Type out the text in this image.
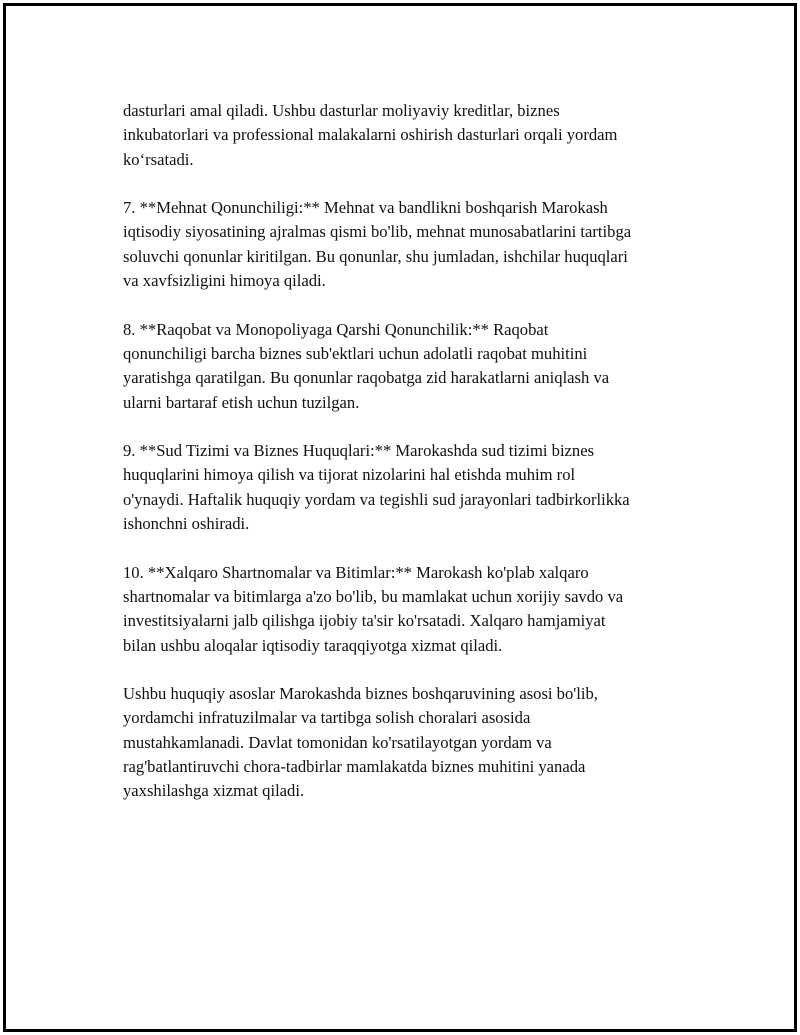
dasturlari amal qiladi. Ushbu dasturlar moliyaviy kreditlar, biznes
inkubatorlari va professional malakalarni oshirish dasturlari orqali yordam
ko‘rsatadi.

7. **Mehnat Qonunchiligi:** Mehnat va bandlikni boshqarish Marokash
iqtisodiy siyosatining ajralmas qismi bo'lib, mehnat munosabatlarini tartibga
soluvchi qonunlar kiritilgan. Bu qonunlar, shu jumladan, ishchilar huquqlari
va xavfsizligini himoya qiladi.

8. **Raqobat va Monopoliyaga Qarshi Qonunchilik:** Raqobat
qonunchiligi barcha biznes sub'ektlari uchun adolatli raqobat muhitini
yaratishga qaratilgan. Bu qonunlar raqobatga zid harakatlarni aniqlash va
ularni bartaraf etish uchun tuzilgan.

9. **Sud Tizimi va Biznes Huquqlari:** Marokashda sud tizimi biznes
huquqlarini himoya qilish va tijorat nizolarini hal etishda muhim rol
o'ynaydi. Haftalik huquqiy yordam va tegishli sud jarayonlari tadbirkorlikka
ishonchni oshiradi.

10. **Xalqaro Shartnomalar va Bitimlar:** Marokash ko'plab xalqaro
shartnomalar va bitimlarga a'zo bo'lib, bu mamlakat uchun xorijiy savdo va
investitsiyalarni jalb qilishga ijobiy ta'sir ko'rsatadi. Xalqaro hamjamiyat
bilan ushbu aloqalar iqtisodiy taraqqiyotga xizmat qiladi.

Ushbu huquqiy asoslar Marokashda biznes boshqaruvining asosi bo'lib,
yordamchi infratuzilmalar va tartibga solish choralari asosida
mustahkamlanadi. Davlat tomonidan ko'rsatilayotgan yordam va
rag'batlantiruvchi chora-tadbirlar mamlakatda biznes muhitini yanada
yaxshilashga xizmat qiladi.
